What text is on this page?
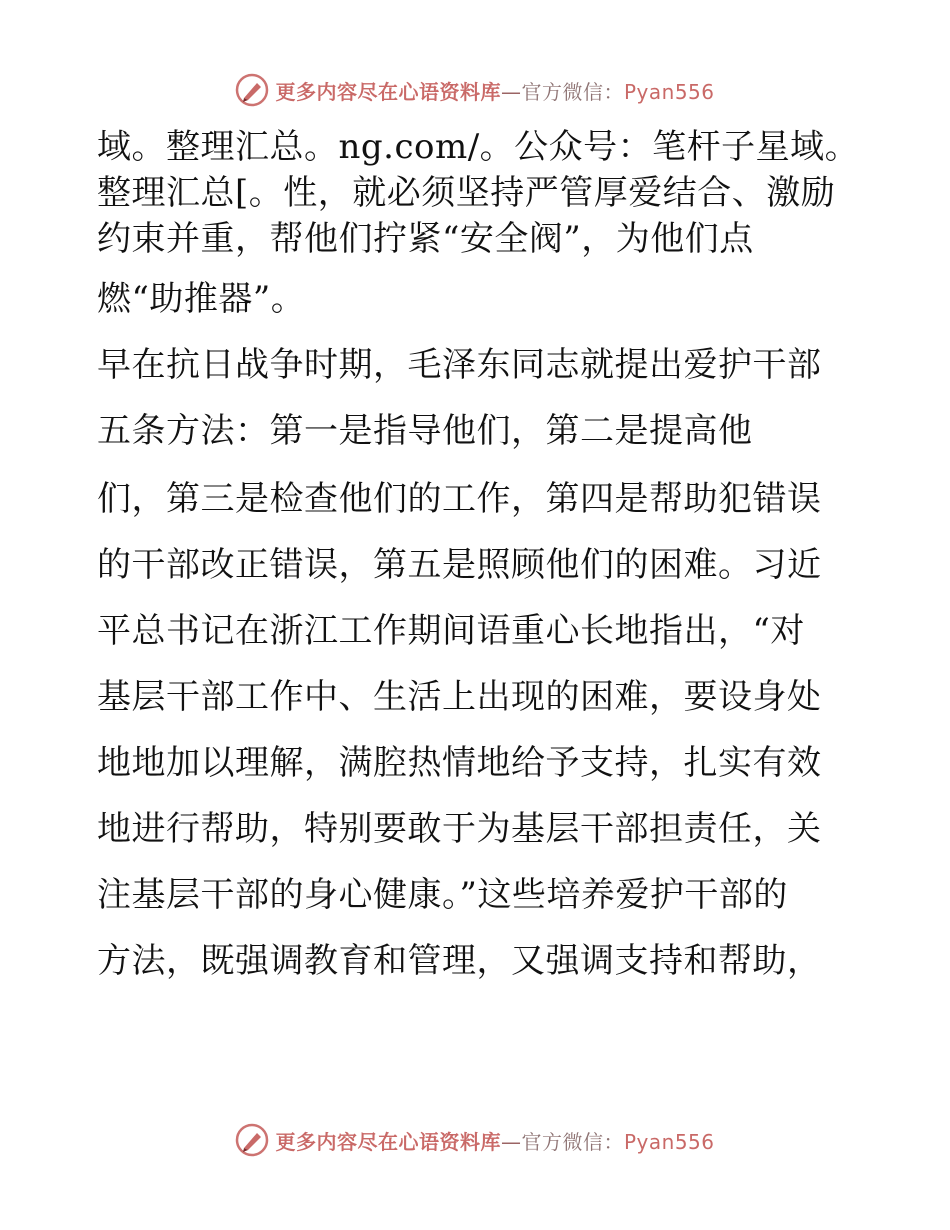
更多内容尽在心语资料库—官方微信：Pyan556
域。整理汇总。ng.com/。公众号：笔杆子星域。
整理汇总[。性，就必须坚持严管厚爱结合、激励
约束并重，帮他们拧紧“安全阀”，为他们点
燃“助推器”。
早在抗日战争时期，毛泽东同志就提出爱护干部
五条方法：第一是指导他们，第二是提高他
们，第三是检查他们的工作，第四是帮助犯错误
的干部改正错误，第五是照顾他们的困难。习近
平总书记在浙江工作期间语重心长地指出，“对
基层干部工作中、生活上出现的困难，要设身处
地地加以理解，满腔热情地给予支持，扎实有效
地进行帮助，特别要敢于为基层干部担责任，关
注基层干部的身心健康。”这些培养爱护干部的
方法，既强调教育和管理，又强调支持和帮助，
更多内容尽在心语资料库—官方微信：Pyan556
